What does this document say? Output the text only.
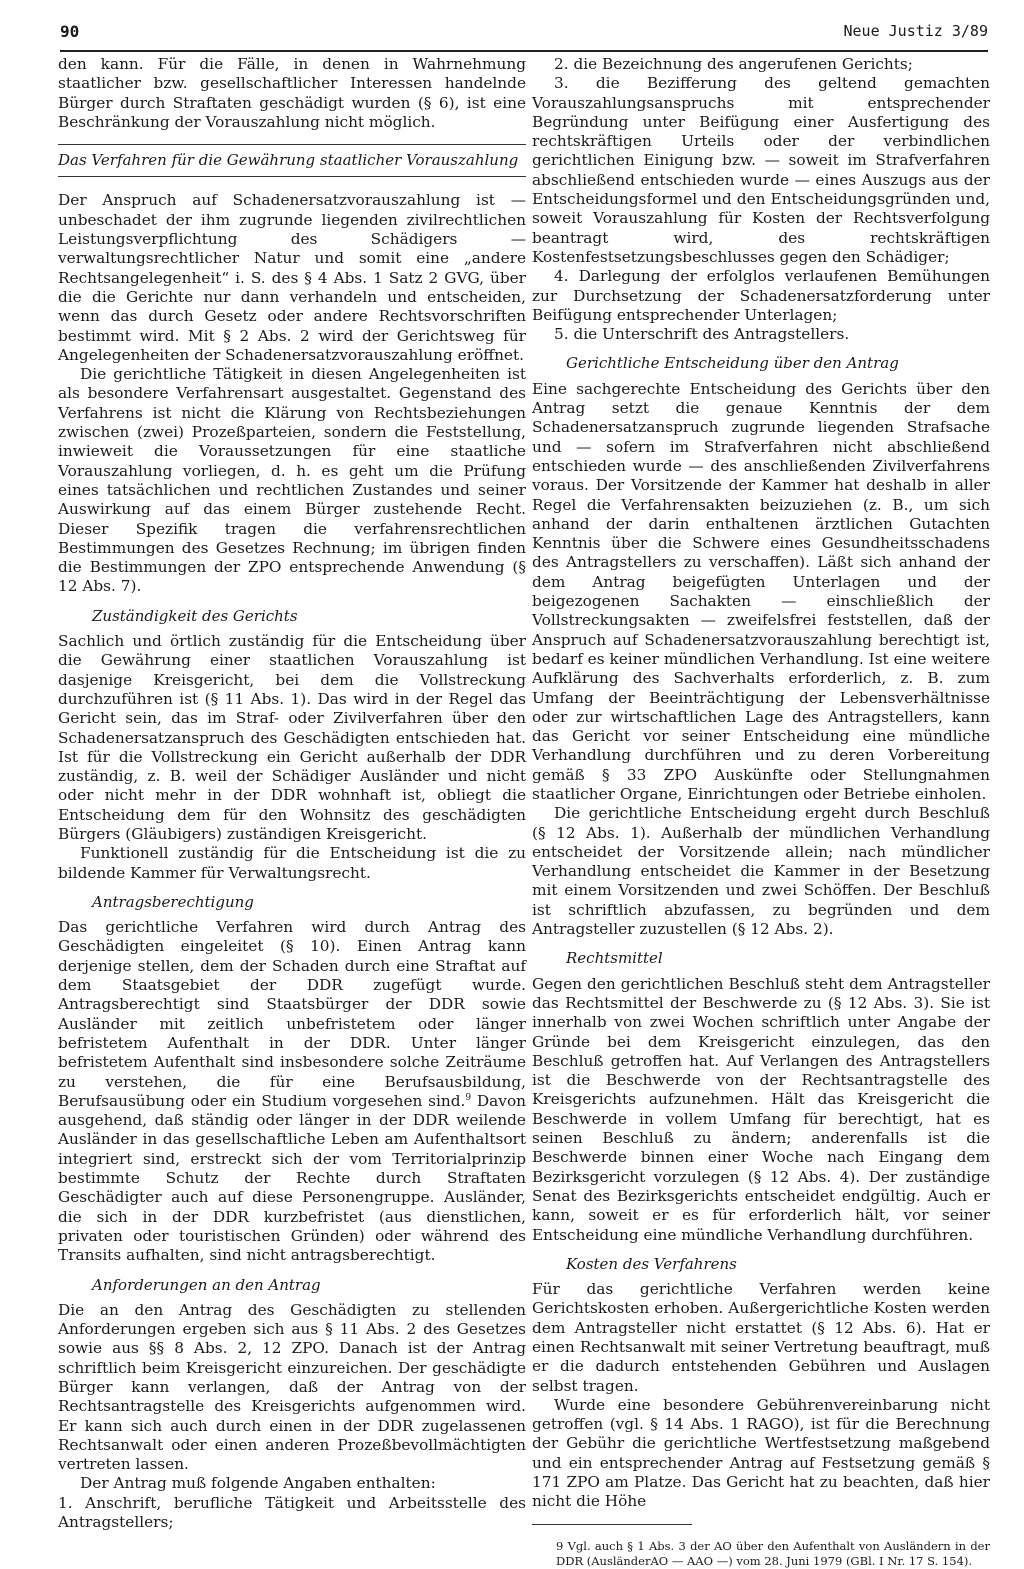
90	Neue Justiz 3/89

den kann. Für die Fälle, in denen in Wahrnehmung staatlicher bzw. gesellschaftlicher Interessen handelnde Bürger durch Straftaten geschädigt wurden (§ 6), ist eine Beschränkung der Vorauszahlung nicht möglich.

Das Verfahren für die Gewährung staatlicher Vorauszahlung

Der Anspruch auf Schadenersatzvorauszahlung ist — unbeschadet der ihm zugrunde liegenden zivilrechtlichen Leistungsverpflichtung des Schädigers — verwaltungsrechtlicher Natur und somit eine „andere Rechtsangelegenheit“ i. S. des § 4 Abs. 1 Satz 2 GVG, über die die Gerichte nur dann verhandeln und entscheiden, wenn das durch Gesetz oder andere Rechtsvorschriften bestimmt wird. Mit § 2 Abs. 2 wird der Gerichtsweg für Angelegenheiten der Schadenersatzvorauszahlung eröffnet.

Die gerichtliche Tätigkeit in diesen Angelegenheiten ist als besondere Verfahrensart ausgestaltet. Gegenstand des Verfahrens ist nicht die Klärung von Rechtsbeziehungen zwischen (zwei) Prozeßparteien, sondern die Feststellung, inwieweit die Voraussetzungen für eine staatliche Vorauszahlung vorliegen, d. h. es geht um die Prüfung eines tatsächlichen und rechtlichen Zustandes und seiner Auswirkung auf das einem Bürger zustehende Recht. Dieser Spezifik tragen die verfahrensrechtlichen Bestimmungen des Gesetzes Rechnung; im übrigen finden die Bestimmungen der ZPO entsprechende Anwendung (§ 12 Abs. 7).

Zuständigkeit des Gerichts

Sachlich und örtlich zuständig für die Entscheidung über die Gewährung einer staatlichen Vorauszahlung ist dasjenige Kreisgericht, bei dem die Vollstreckung durchzuführen ist (§ 11 Abs. 1). Das wird in der Regel das Gericht sein, das im Straf- oder Zivilverfahren über den Schadenersatzanspruch des Geschädigten entschieden hat. Ist für die Vollstreckung ein Gericht außerhalb der DDR zuständig, z. B. weil der Schädiger Ausländer und nicht oder nicht mehr in der DDR wohnhaft ist, obliegt die Entscheidung dem für den Wohnsitz des geschädigten Bürgers (Gläubigers) zuständigen Kreisgericht.

Funktionell zuständig für die Entscheidung ist die zu bildende Kammer für Verwaltungsrecht.

Antragsberechtigung

Das gerichtliche Verfahren wird durch Antrag des Geschädigten eingeleitet (§ 10). Einen Antrag kann derjenige stellen, dem der Schaden durch eine Straftat auf dem Staatsgebiet der DDR zugefügt wurde. Antragsberechtigt sind Staatsbürger der DDR sowie Ausländer mit zeitlich unbefristetem oder länger befristetem Aufenthalt in der DDR. Unter länger befristetem Aufenthalt sind insbesondere solche Zeiträume zu verstehen, die für eine Berufsausbildung, Berufsausübung oder ein Studium vorgesehen sind.$^9$ Davon ausgehend, daß ständig oder länger in der DDR weilende Ausländer in das gesellschaftliche Leben am Aufenthaltsort integriert sind, erstreckt sich der vom Territorialprinzip bestimmte Schutz der Rechte durch Straftaten Geschädigter auch auf diese Personengruppe. Ausländer, die sich in der DDR kurzbefristet (aus dienstlichen, privaten oder touristischen Gründen) oder während des Transits aufhalten, sind nicht antragsberechtigt.

Anforderungen an den Antrag

Die an den Antrag des Geschädigten zu stellenden Anforderungen ergeben sich aus § 11 Abs. 2 des Gesetzes sowie aus §§ 8 Abs. 2, 12 ZPO. Danach ist der Antrag schriftlich beim Kreisgericht einzureichen. Der geschädigte Bürger kann verlangen, daß der Antrag von der Rechtsantragstelle des Kreisgerichts aufgenommen wird. Er kann sich auch durch einen in der DDR zugelassenen Rechtsanwalt oder einen anderen Prozeßbevollmächtigten vertreten lassen.

Der Antrag muß folgende Angaben enthalten:

1. Anschrift, berufliche Tätigkeit und Arbeitsstelle des Antragstellers;

2. die Bezeichnung des angerufenen Gerichts;

3. die Bezifferung des geltend gemachten Vorauszahlungsanspruchs mit entsprechender Begründung unter Beifügung einer Ausfertigung des rechtskräftigen Urteils oder der verbindlichen gerichtlichen Einigung bzw. — soweit im Strafverfahren abschließend entschieden wurde — eines Auszugs aus der Entscheidungsformel und den Entscheidungsgründen und, soweit Vorauszahlung für Kosten der Rechtsverfolgung beantragt wird, des rechtskräftigen Kostenfestsetzungsbeschlusses gegen den Schädiger;

4. Darlegung der erfolglos verlaufenen Bemühungen zur Durchsetzung der Schadenersatzforderung unter Beifügung entsprechender Unterlagen;

5. die Unterschrift des Antragstellers.

Gerichtliche Entscheidung über den Antrag

Eine sachgerechte Entscheidung des Gerichts über den Antrag setzt die genaue Kenntnis der dem Schadenersatzanspruch zugrunde liegenden Strafsache und — sofern im Strafverfahren nicht abschließend entschieden wurde — des anschließenden Zivilverfahrens voraus. Der Vorsitzende der Kammer hat deshalb in aller Regel die Verfahrensakten beizuziehen (z. B., um sich anhand der darin enthaltenen ärztlichen Gutachten Kenntnis über die Schwere eines Gesundheitsschadens des Antragstellers zu verschaffen). Läßt sich anhand der dem Antrag beigefügten Unterlagen und der beigezogenen Sachakten — einschließlich der Vollstreckungsakten — zweifelsfrei feststellen, daß der Anspruch auf Schadenersatzvorauszahlung berechtigt ist, bedarf es keiner mündlichen Verhandlung. Ist eine weitere Aufklärung des Sachverhalts erforderlich, z. B. zum Umfang der Beeinträchtigung der Lebensverhältnisse oder zur wirtschaftlichen Lage des Antragstellers, kann das Gericht vor seiner Entscheidung eine mündliche Verhandlung durchführen und zu deren Vorbereitung gemäß § 33 ZPO Auskünfte oder Stellungnahmen staatlicher Organe, Einrichtungen oder Betriebe einholen.

Die gerichtliche Entscheidung ergeht durch Beschluß (§ 12 Abs. 1). Außerhalb der mündlichen Verhandlung entscheidet der Vorsitzende allein; nach mündlicher Verhandlung entscheidet die Kammer in der Besetzung mit einem Vorsitzenden und zwei Schöffen. Der Beschluß ist schriftlich abzufassen, zu begründen und dem Antragsteller zuzustellen (§ 12 Abs. 2).

Rechtsmittel

Gegen den gerichtlichen Beschluß steht dem Antragsteller das Rechtsmittel der Beschwerde zu (§ 12 Abs. 3). Sie ist innerhalb von zwei Wochen schriftlich unter Angabe der Gründe bei dem Kreisgericht einzulegen, das den Beschluß getroffen hat. Auf Verlangen des Antragstellers ist die Beschwerde von der Rechtsantragstelle des Kreisgerichts aufzunehmen. Hält das Kreisgericht die Beschwerde in vollem Umfang für berechtigt, hat es seinen Beschluß zu ändern; anderenfalls ist die Beschwerde binnen einer Woche nach Eingang dem Bezirksgericht vorzulegen (§ 12 Abs. 4). Der zuständige Senat des Bezirksgerichts entscheidet endgültig. Auch er kann, soweit er es für erforderlich hält, vor seiner Entscheidung eine mündliche Verhandlung durchführen.

Kosten des Verfahrens

Für das gerichtliche Verfahren werden keine Gerichtskosten erhoben. Außergerichtliche Kosten werden dem Antragsteller nicht erstattet (§ 12 Abs. 6). Hat er einen Rechtsanwalt mit seiner Vertretung beauftragt, muß er die dadurch entstehenden Gebühren und Auslagen selbst tragen.

Wurde eine besondere Gebührenvereinbarung nicht getroffen (vgl. § 14 Abs. 1 RAGO), ist für die Berechnung der Gebühr die gerichtliche Wertfestsetzung maßgebend und ein entsprechender Antrag auf Festsetzung gemäß § 171 ZPO am Platze. Das Gericht hat zu beachten, daß hier nicht die Höhe

9 Vgl. auch § 1 Abs. 3 der AO über den Aufenthalt von Ausländern in der DDR (AusländerAO — AAO —) vom 28. Juni 1979 (GBl. I Nr. 17 S. 154).
